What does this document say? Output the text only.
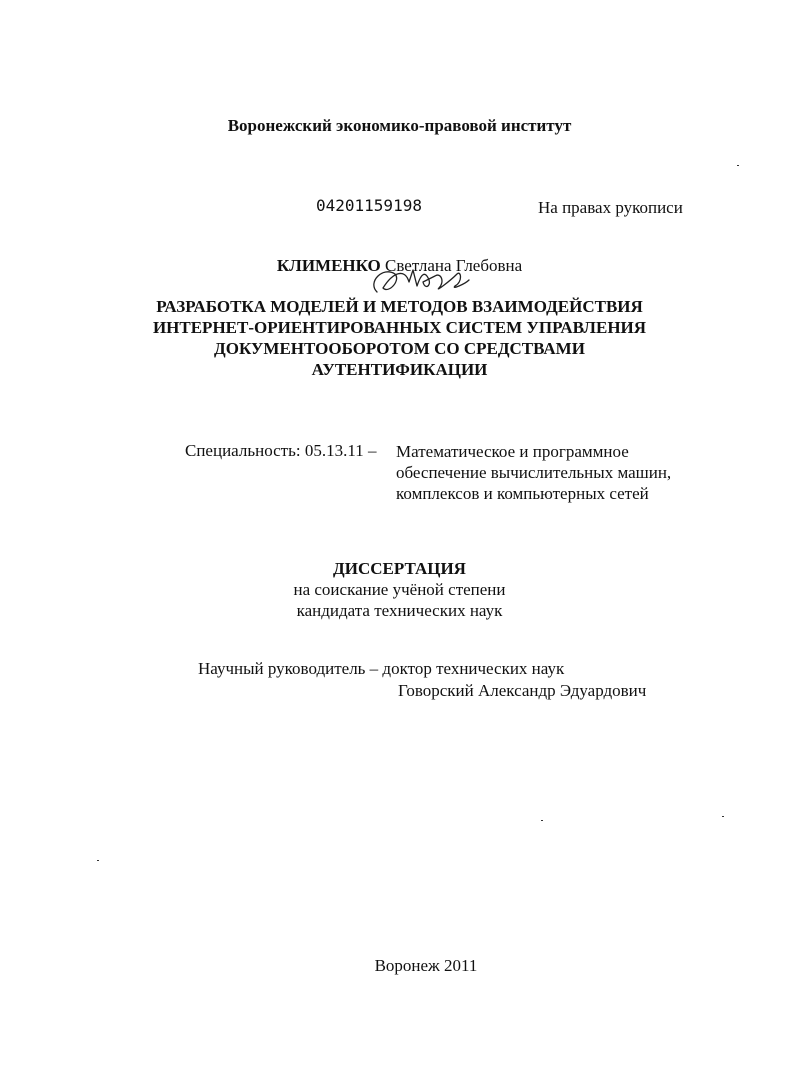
Воронежский экономико-правовой институт
04201159198	На правах рукописи
КЛИМЕНКО Светлана Глебовна
РАЗРАБОТКА МОДЕЛЕЙ И МЕТОДОВ ВЗАИМОДЕЙСТВИЯ
ИНТЕРНЕТ-ОРИЕНТИРОВАННЫХ СИСТЕМ УПРАВЛЕНИЯ
ДОКУМЕНТООБОРОТОМ СО СРЕДСТВАМИ
АУТЕНТИФИКАЦИИ
Специальность: 05.13.11 – Математическое и программное
обеспечение вычислительных машин,
комплексов и компьютерных сетей
ДИССЕРТАЦИЯ
на соискание учёной степени
кандидата технических наук
Научный руководитель – доктор технических наук
Говорский Александр Эдуардович
Воронеж 2011
